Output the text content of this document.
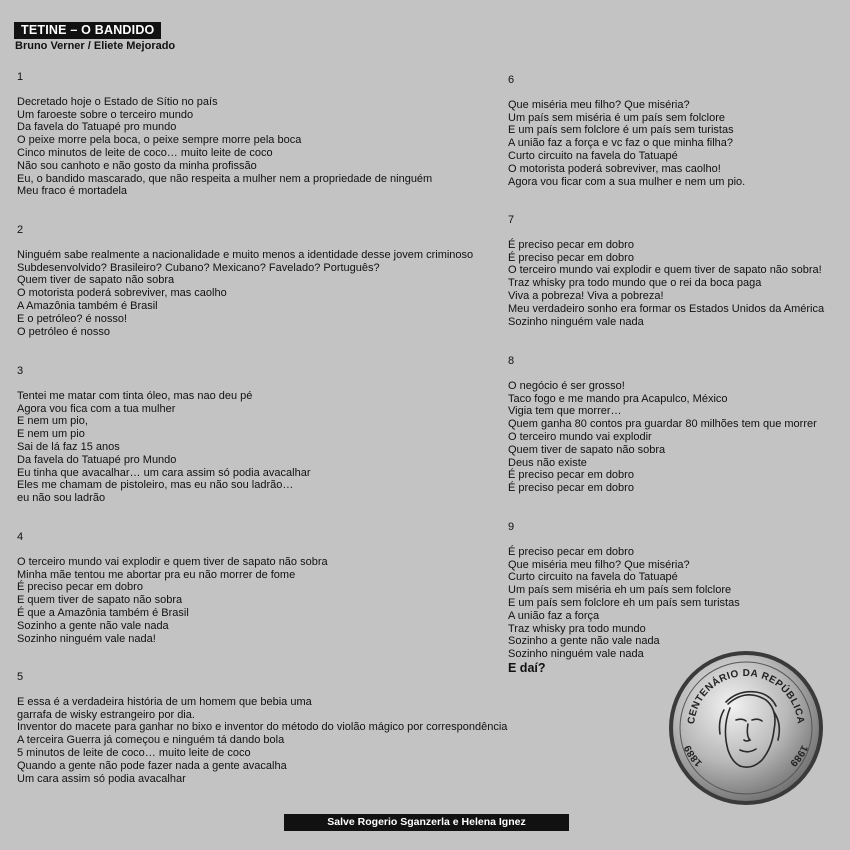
TETINE – O BANDIDO
Bruno Verner / Eliete Mejorado
1
Decretado hoje o Estado de Sítio no país
Um faroeste sobre o terceiro mundo
Da favela do Tatuapé pro mundo
O peixe morre pela boca, o peixe sempre morre pela boca
Cinco minutos de leite de coco… muito leite de coco
Não sou canhoto e não gosto da minha profissão
Eu, o bandido mascarado, que não respeita a mulher nem a propriedade de ninguém
Meu fraco é mortadela
2
Ninguém sabe realmente a nacionalidade e muito menos a identidade desse jovem criminoso
Subdesenvolvido? Brasileiro? Cubano? Mexicano? Favelado? Português?
Quem tiver de sapato não sobra
O motorista poderá sobreviver, mas caolho
A Amazônia também é Brasil
E o petróleo? é nosso!
O petróleo é nosso
3
Tentei me matar com tinta óleo, mas nao deu pé
Agora vou fica com a tua mulher
E nem um pio,
E nem um pio
Sai de lá faz 15 anos
Da favela do Tatuapé pro Mundo
Eu tinha que avacalhar… um cara assim só podia avacalhar
Eles me chamam de pistoleiro, mas eu não sou ladrão…
eu não sou ladrão
4
O terceiro mundo vai explodir e quem tiver de sapato não sobra
Minha mãe tentou me abortar pra eu não morrer de fome
É preciso pecar em dobro
E quem tiver de sapato não sobra
É que a Amazônia também é Brasil
Sozinho a gente não vale nada
Sozinho ninguém vale nada!
5
E essa é a verdadeira história de um homem que bebia uma
garrafa de wisky estrangeiro por dia.
Inventor do macete para ganhar no bixo e inventor do método do violão mágico por correspondência
A terceira Guerra já começou e ninguém tá dando bola
5 minutos de leite de coco… muito leite de coco
Quando a gente não pode fazer nada a gente avacalha
Um cara assim só podia avacalhar
6
Que miséria meu filho? Que miséria?
Um país sem miséria é um país sem folclore
E um país sem folclore é um país sem turistas
A união faz a força e vc faz o que minha filha?
Curto circuito na favela do Tatuapé
O motorista poderá sobreviver, mas caolho!
Agora vou ficar com a sua mulher e nem um pio.
7
É preciso pecar em dobro
É preciso pecar em dobro
O terceiro mundo vai explodir e quem tiver de sapato não sobra!
Traz whisky pra todo mundo que o rei da boca paga
Viva a pobreza! Viva a pobreza!
Meu verdadeiro sonho era formar os Estados Unidos da América
Sozinho ninguém vale nada
8
O negócio é ser grosso!
Taco fogo e me mando pra Acapulco, México
Vigia tem que morrer…
Quem ganha 80 contos pra guardar 80 milhões tem que morrer
O terceiro mundo vai explodir
Quem tiver de sapato não sobra
Deus não existe
É preciso pecar em dobro
É preciso pecar em dobro
9
É preciso pecar em dobro
Que miséria meu filho? Que miséria?
Curto circuito na favela do Tatuapé
Um país sem miséria eh um país sem folclore
E um país sem folclore eh um país sem turistas
A união faz a força
Traz whisky pra todo mundo
Sozinho a gente não vale nada
Sozinho ninguém vale nada
E daí?
CENTENÁRIO DA REPÚBLICA
1889	1989
Salve Rogerio Sganzerla e Helena Ignez
